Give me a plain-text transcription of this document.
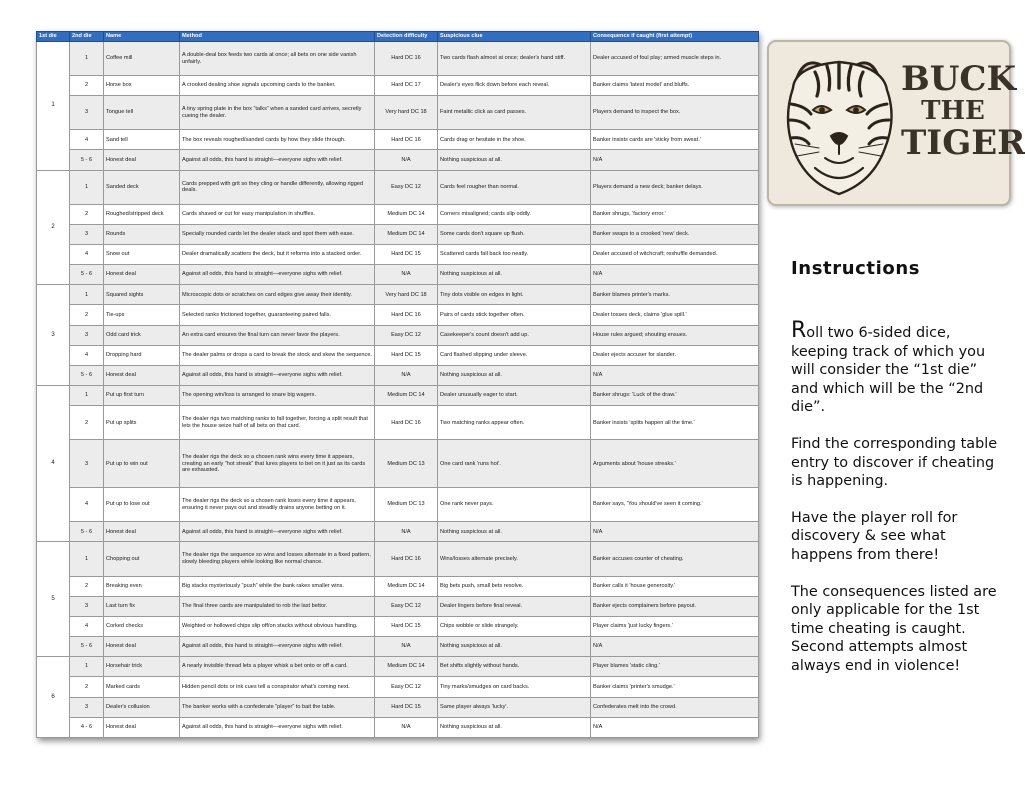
1st die	2nd die	Name	Method	Detection difficulty	Suspicious clue	Consequence if caught (first attempt)
1	1	Coffee mill	A double-deal box feeds two cards at once; all bets on one side vanish unfairly.	Hard DC 16	Two cards flash almost at once; dealer's hand stiff.	Dealer accused of foul play; armed muscle steps in.
	2	Horse box	A crooked dealing shoe signals upcoming cards to the banker.	Hard DC 17	Dealer's eyes flick down before each reveal.	Banker claims 'latest model' and bluffs.
	3	Tongue tell	A tiny spring plate in the box “talks” when a sanded card arrives, secretly cueing the dealer.	Very hard DC 18	Faint metallic click as card passes.	Players demand to inspect the box.
	4	Sand tell	The box reveals roughed/sanded cards by how they slide through.	Hard DC 16	Cards drag or hesitate in the shoe.	Banker insists cards are 'sticky from sweat.'
	5 - 6	Honest deal	Against all odds, this hand is straight—everyone sighs with relief.	N/A	Nothing suspicious at all.	N/A
2	1	Sanded deck	Cards prepped with grit so they cling or handle differently, allowing rigged deals.	Easy DC 12	Cards feel rougher than normal.	Players demand a new deck; banker delays.
	2	Roughed/stripped deck	Cards shaved or cut for easy manipulation in shuffles.	Medium DC 14	Corners misaligned; cards slip oddly.	Banker shrugs, 'factory error.'
	3	Rounds	Specially rounded cards let the dealer stack and spot them with ease.	Medium DC 14	Some cards don't square up flush.	Banker swaps to a crooked 'new' deck.
	4	Snow out	Dealer dramatically scatters the deck, but it reforms into a stacked order.	Hard DC 15	Scattered cards fall back too neatly.	Dealer accused of witchcraft; reshuffle demanded.
	5 - 6	Honest deal	Against all odds, this hand is straight—everyone sighs with relief.	N/A	Nothing suspicious at all.	N/A
3	1	Squared sights	Microscopic dots or scratches on card edges give away their identity.	Very hard DC 18	Tiny dots visible on edges in light.	Banker blames printer's marks.
	2	Tie-ups	Selected ranks frictioned together, guaranteeing paired falls.	Hard DC 16	Pairs of cards stick together often.	Dealer tosses deck, claims 'glue spill.'
	3	Odd card trick	An extra card ensures the final turn can never favor the players.	Easy DC 12	Casekeeper's count doesn't add up.	House rules argued; shouting ensues.
	4	Dropping hard	The dealer palms or drops a card to break the stock and skew the sequence.	Hard DC 15	Card flashed slipping under sleeve.	Dealer ejects accuser for slander.
	5 - 6	Honest deal	Against all odds, this hand is straight—everyone sighs with relief.	N/A	Nothing suspicious at all.	N/A
4	1	Put up first turn	The opening win/loss is arranged to snare big wagers.	Medium DC 14	Dealer unusually eager to start.	Banker shrugs: 'Luck of the draw.'
	2	Put up splits	The dealer rigs two matching ranks to fall together, forcing a split result that lets the house seize half of all bets on that card.	Hard DC 16	Two matching ranks appear often.	Banker insists 'splits happen all the time.'
	3	Put up to win out	The dealer rigs the deck so a chosen rank wins every time it appears, creating an early “hot streak” that lures players to bet on it just as its cards are exhausted.	Medium DC 13	One card rank 'runs hot'.	Arguments about 'house streaks.'
	4	Put up to lose out	The dealer rigs the deck so a chosen rank loses every time it appears, ensuring it never pays out and steadily drains anyone betting on it.	Medium DC 13	One rank never pays.	Banker says, 'You should've seen it coming.'
	5 - 6	Honest deal	Against all odds, this hand is straight—everyone sighs with relief.	N/A	Nothing suspicious at all.	N/A
5	1	Chopping out	The dealer rigs the sequence so wins and losses alternate in a fixed pattern, slowly bleeding players while looking like normal chance.	Hard DC 16	Wins/losses alternate precisely.	Banker accuses counter of cheating.
	2	Breaking even	Big stacks mysteriously “push” while the bank rakes smaller wins.	Medium DC 14	Big bets push, small bets resolve.	Banker calls it 'house generosity.'
	3	Last turn fix	The final three cards are manipulated to rob the last bettor.	Easy DC 12	Dealer lingers before final reveal.	Banker ejects complainers before payout.
	4	Corked checks	Weighted or hollowed chips slip off/on stacks without obvious handling.	Hard DC 15	Chips wobble or slide strangely.	Player claims 'just lucky fingers.'
	5 - 6	Honest deal	Against all odds, this hand is straight—everyone sighs with relief.	N/A	Nothing suspicious at all.	N/A
6	1	Horsehair trick	A nearly invisible thread lets a player whisk a bet onto or off a card.	Medium DC 14	Bet shifts slightly without hands.	Player blames 'static cling.'
	2	Marked cards	Hidden pencil dots or ink cues tell a conspirator what's coming next.	Easy DC 12	Tiny marks/smudges on card backs.	Banker claims 'printer's smudge.'
	3	Dealer's collusion	The banker works with a confederate “player” to bait the table.	Hard DC 15	Same player always 'lucky'.	Confederates melt into the crowd.
	4 - 6	Honest deal	Against all odds, this hand is straight—everyone sighs with relief.	N/A	Nothing suspicious at all.	N/A
BUCK
THE
TIGER
Instructions

Roll two 6-sided dice, keeping track of which you will consider the “1st die” and which will be the “2nd die”.

Find the corresponding table entry to discover if cheating is happening.

Have the player roll for discovery & see what happens from there!

The consequences listed are only applicable for the 1st time cheating is caught. Second attempts almost always end in violence!
